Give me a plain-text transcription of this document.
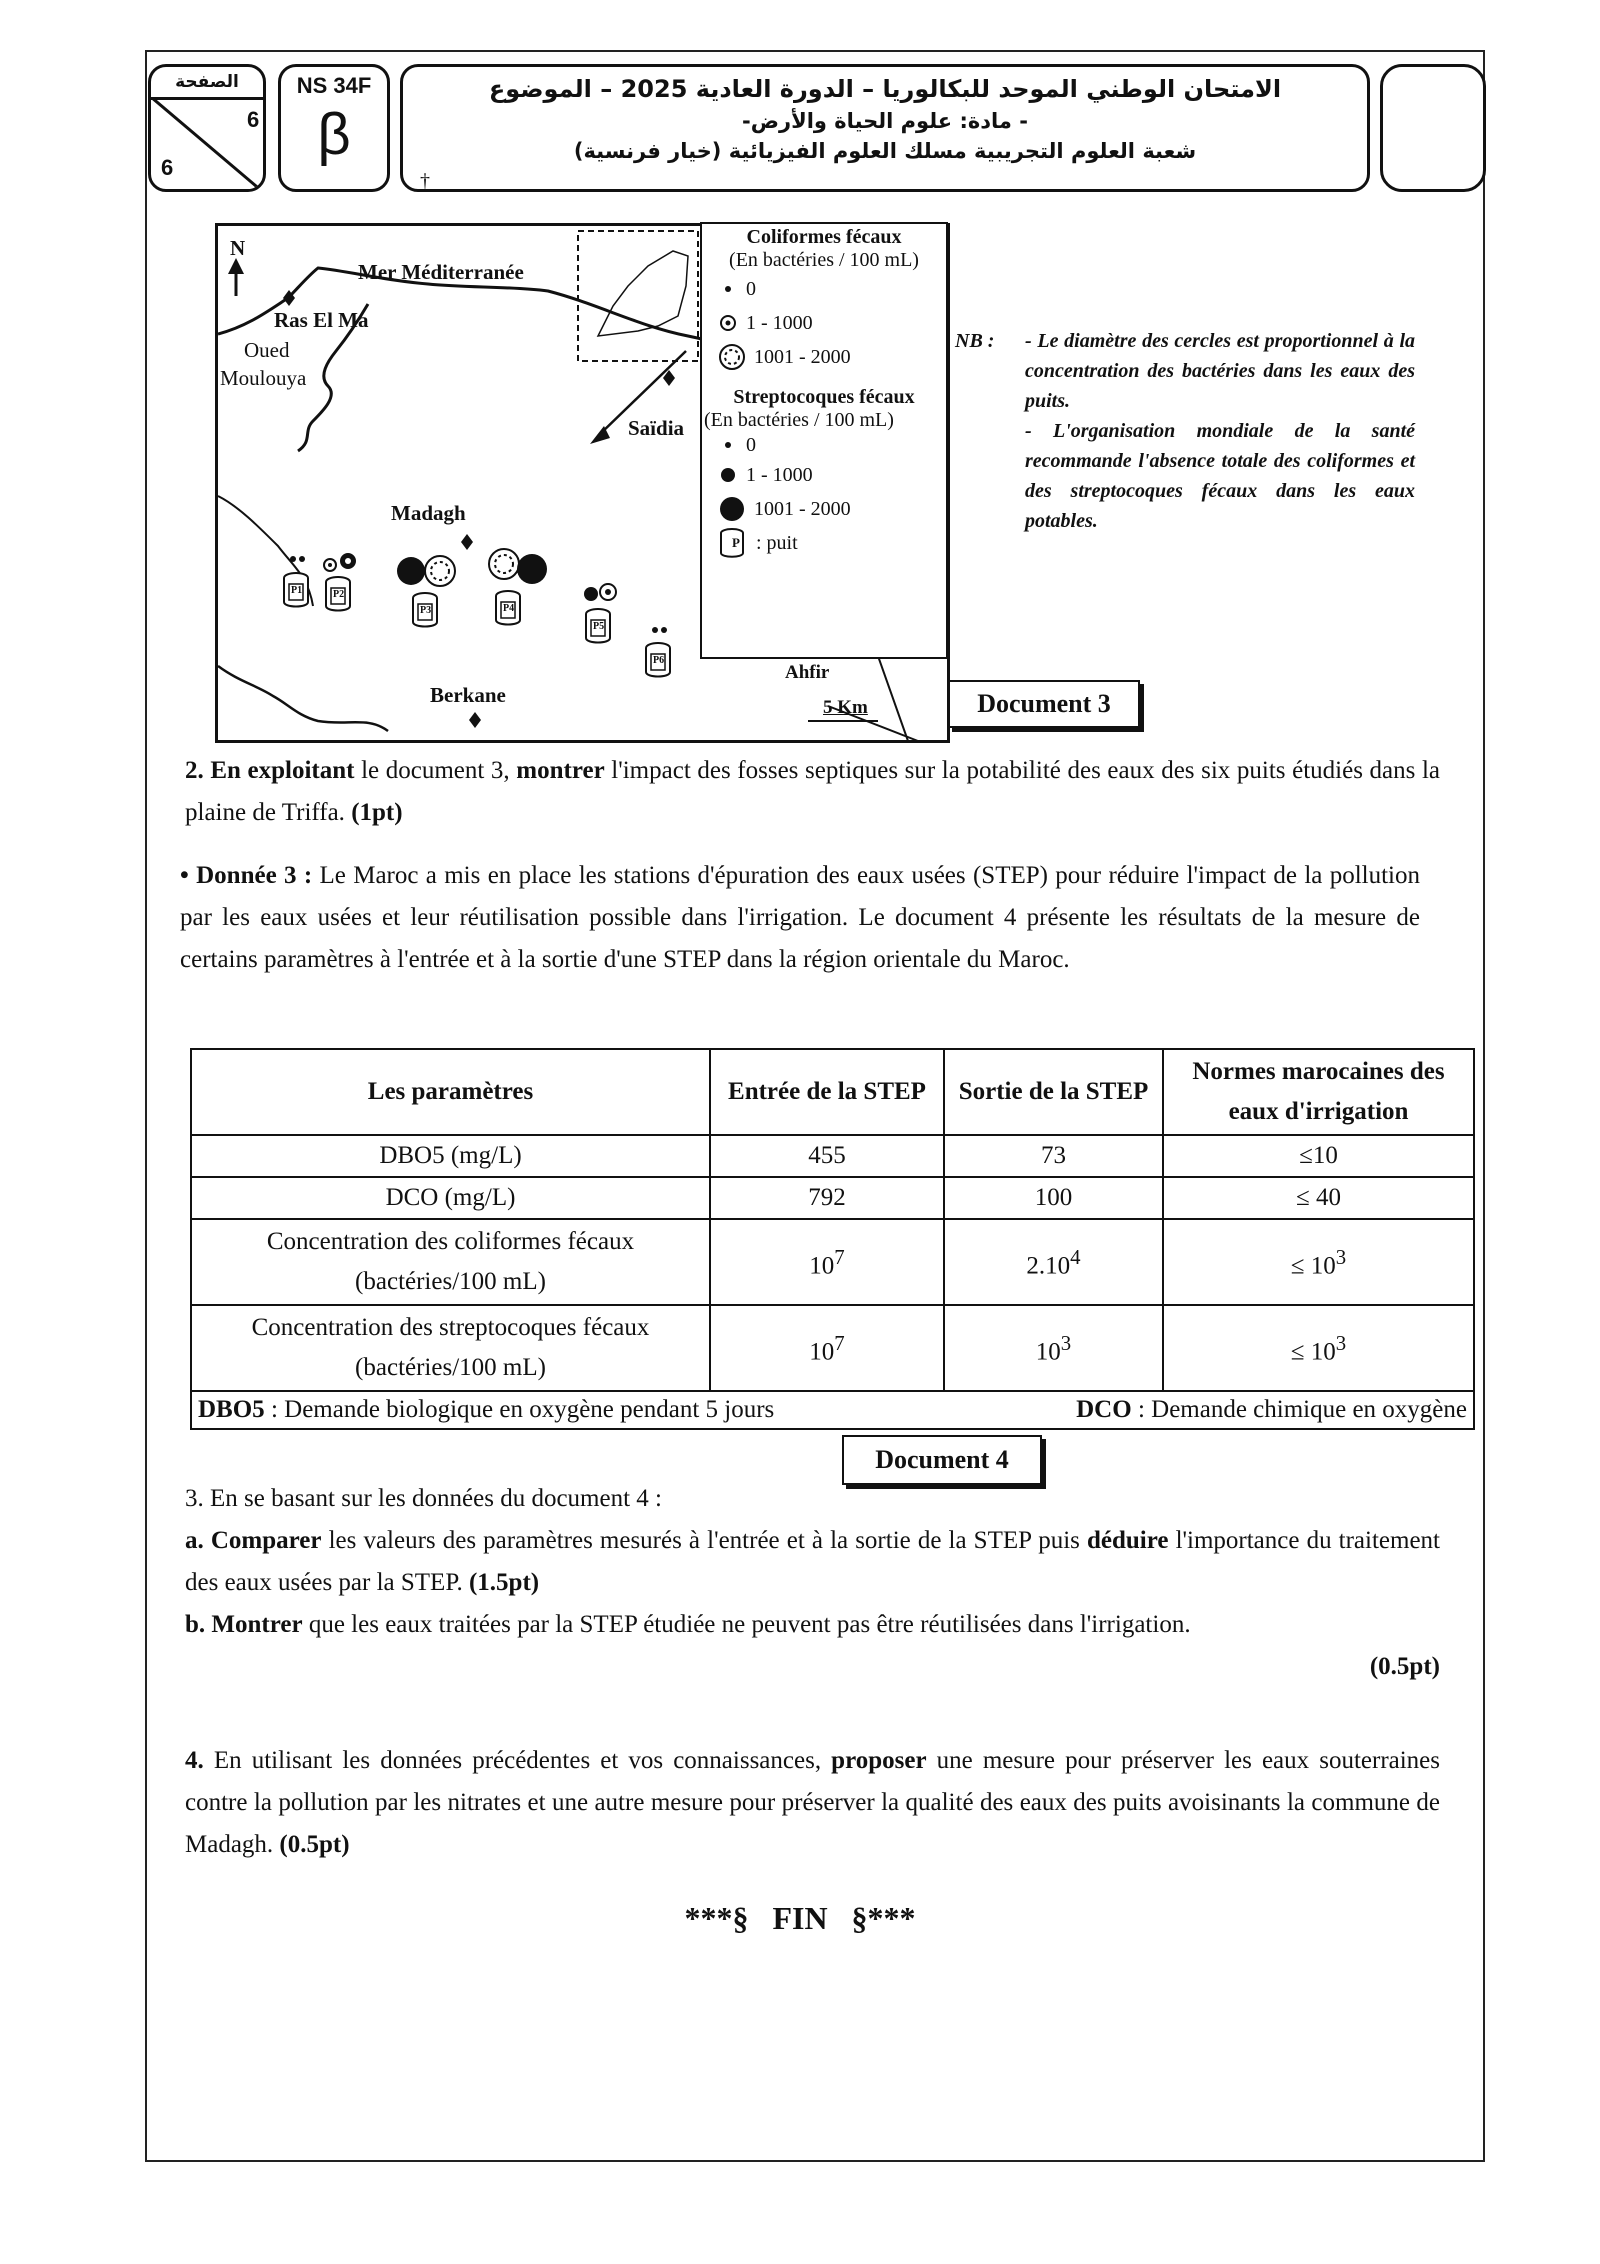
الصفحة
6
6
NS 34F
β
†
الامتحان الوطني الموحد للبكالوريا – الدورة العادية 2025 – الموضوع
- مادة: علوم الحياة والأرض-
شعبة العلوم التجريبية مسلك العلوم الفيزيائية (خيار فرنسية)
N
Mer Méditerranée
Ras El Ma
Oued
Moulouya
Saïdia
Madagh
Berkane
Ahfir
5 Km
P1	P2
P3	P4
P5
P6
Coliformes fécaux
(En bactéries / 100 mL)
0
1 - 1000
1001 - 2000
Streptocoques fécaux
(En bactéries / 100 mL)
0
1 - 1000
1001 - 2000
P : puit
Document 3
NB : - Le diamètre des cercles est proportionnel à la concentration des bactéries dans les eaux des puits.
- L'organisation mondiale de la santé recommande l'absence totale des coliformes et des streptocoques fécaux dans les eaux potables.
2. En exploitant le document 3, montrer l'impact des fosses septiques sur la potabilité des eaux des six puits étudiés dans la plaine de Triffa. (1pt)
• Donnée 3 : Le Maroc a mis en place les stations d'épuration des eaux usées (STEP) pour réduire l'impact de la pollution par les eaux usées et leur réutilisation possible dans l'irrigation. Le document 4 présente les résultats de la mesure de certains paramètres à l'entrée et à la sortie d'une STEP dans la région orientale du Maroc.
Les paramètres	Entrée de la STEP	Sortie de la STEP	Normes marocaines des eaux d'irrigation
DBO5 (mg/L)	455	73	≤10
DCO (mg/L)	792	100	≤ 40
Concentration des coliformes fécaux (bactéries/100 mL)	$10^7$	$2.10^4$	≤ $10^3$
Concentration des streptocoques fécaux (bactéries/100 mL)	$10^7$	$10^3$	≤ $10^3$
DBO5 : Demande biologique en oxygène pendant 5 jours DCO : Demande chimique en oxygène			
Document 4
3. En se basant sur les données du document 4 :
a. Comparer les valeurs des paramètres mesurés à l'entrée et à la sortie de la STEP puis déduire l'importance du traitement des eaux usées par la STEP. (1.5pt)
b. Montrer que les eaux traitées par la STEP étudiée ne peuvent pas être réutilisées dans l'irrigation.
(0.5pt)
4. En utilisant les données précédentes et vos connaissances, proposer une mesure pour préserver les eaux souterraines contre la pollution par les nitrates et une autre mesure pour préserver la qualité des eaux des puits avoisinants la commune de Madagh. (0.5pt)
***§   FIN   §***
